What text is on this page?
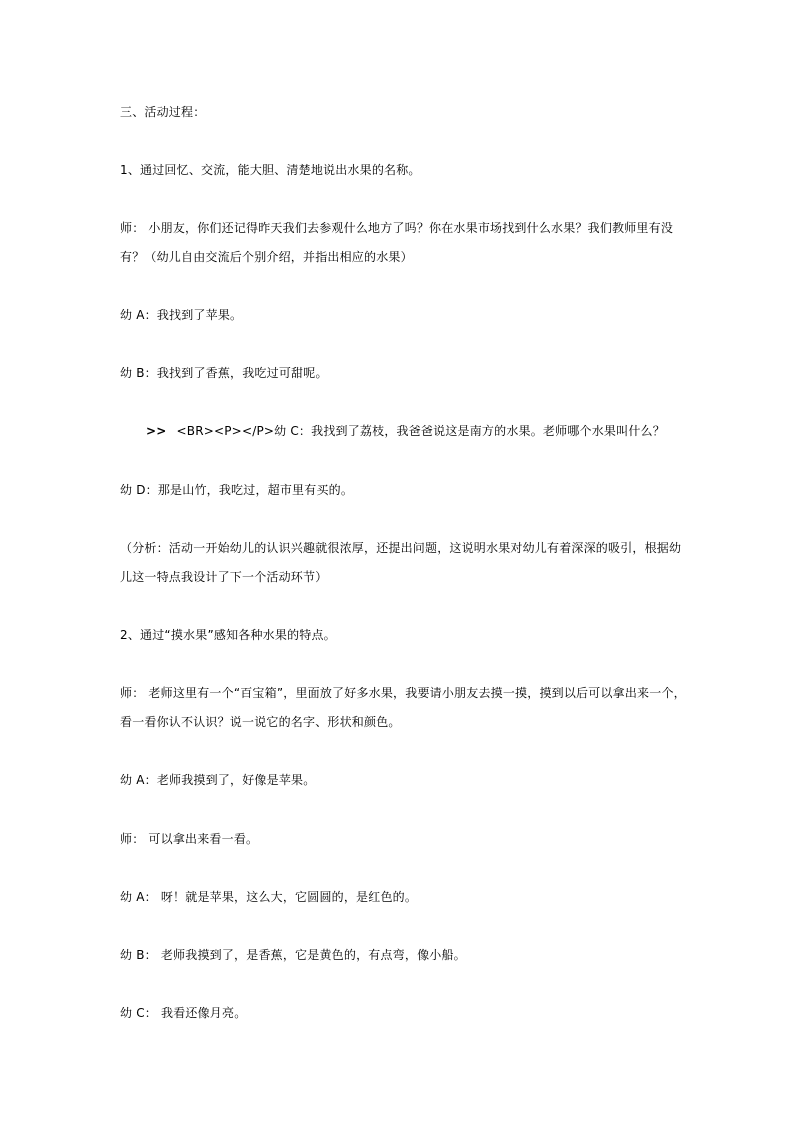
三、活动过程：
1、通过回忆、交流，能大胆、清楚地说出水果的名称。
师： 小朋友，你们还记得昨天我们去参观什么地方了吗？你在水果市场找到什么水果？我们教师里有没
有？（幼儿自由交流后个别介绍，并指出相应的水果）
幼 A：我找到了苹果。
幼 B：我找到了香蕉，我吃过可甜呢。
>> <BR><P></P>幼 C：我找到了荔枝，我爸爸说这是南方的水果。老师哪个水果叫什么？
幼 D：那是山竹，我吃过，超市里有买的。
（分析：活动一开始幼儿的认识兴趣就很浓厚，还提出问题，这说明水果对幼儿有着深深的吸引，根据幼
儿这一特点我设计了下一个活动环节）
2、通过“摸水果”感知各种水果的特点。
师： 老师这里有一个“百宝箱”，里面放了好多水果，我要请小朋友去摸一摸，摸到以后可以拿出来一个，
看一看你认不认识？说一说它的名字、形状和颜色。
幼 A：老师我摸到了，好像是苹果。
师： 可以拿出来看一看。
幼 A： 呀！就是苹果，这么大，它圆圆的，是红色的。
幼 B： 老师我摸到了，是香蕉，它是黄色的，有点弯，像小船。
幼 C： 我看还像月亮。
